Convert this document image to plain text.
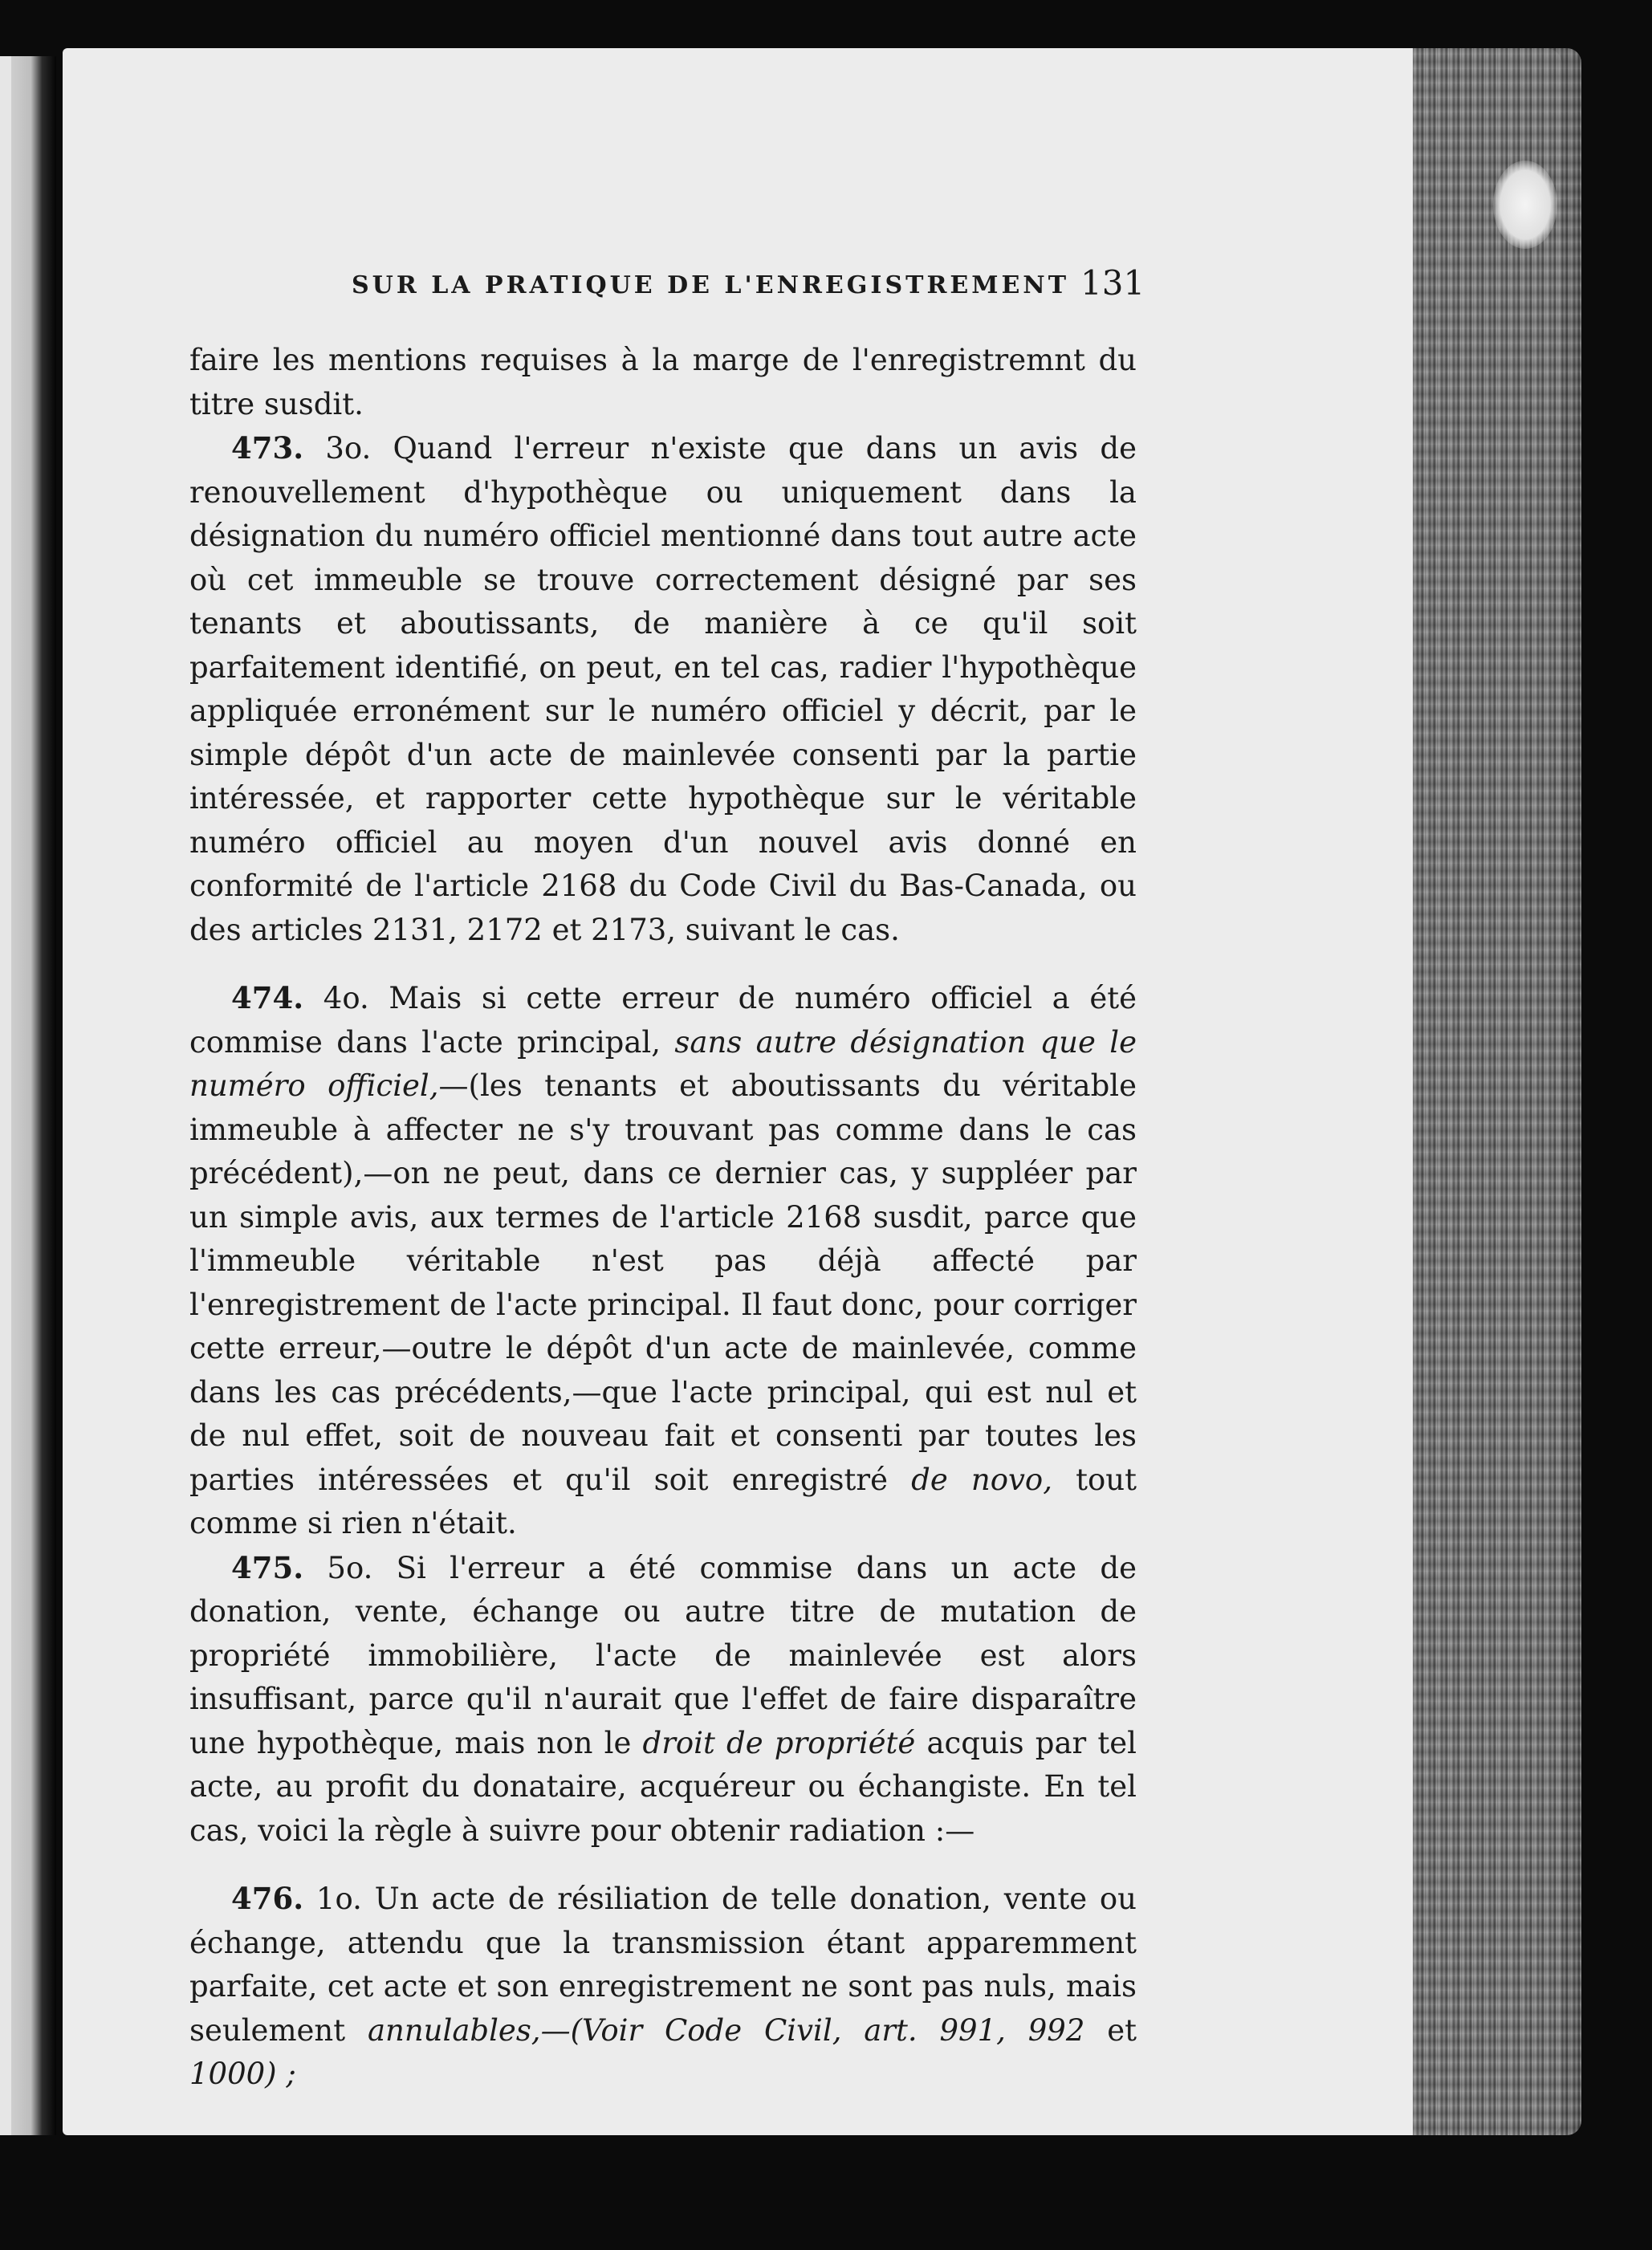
SUR LA PRATIQUE DE L'ENREGISTREMENT 131

faire les mentions requises à la marge de l'enregistremnt du titre susdit.

473. 3o. Quand l'erreur n'existe que dans un avis de renouvellement d'hypothèque ou uniquement dans la désignation du numéro officiel mentionné dans tout autre acte où cet immeuble se trouve correctement désigné par ses tenants et aboutissants, de manière à ce qu'il soit parfaitement identifié, on peut, en tel cas, radier l'hypothèque appliquée erronément sur le numéro officiel y décrit, par le simple dépôt d'un acte de mainlevée consenti par la partie intéressée, et rapporter cette hypothèque sur le véritable numéro officiel au moyen d'un nouvel avis donné en conformité de l'article 2168 du Code Civil du Bas-Canada, ou des articles 2131, 2172 et 2173, suivant le cas.

474. 4o. Mais si cette erreur de numéro officiel a été commise dans l'acte principal, sans autre désignation que le numéro officiel,—(les tenants et aboutissants du véritable immeuble à affecter ne s'y trouvant pas comme dans le cas précédent),—on ne peut, dans ce dernier cas, y suppléer par un simple avis, aux termes de l'article 2168 susdit, parce que l'immeuble véritable n'est pas déjà affecté par l'enregistrement de l'acte principal. Il faut donc, pour corriger cette erreur,—outre le dépôt d'un acte de mainlevée, comme dans les cas précédents,—que l'acte principal, qui est nul et de nul effet, soit de nouveau fait et consenti par toutes les parties intéressées et qu'il soit enregistré de novo, tout comme si rien n'était.

475. 5o. Si l'erreur a été commise dans un acte de donation, vente, échange ou autre titre de mutation de propriété immobilière, l'acte de mainlevée est alors insuffisant, parce qu'il n'aurait que l'effet de faire disparaître une hypothèque, mais non le droit de propriété acquis par tel acte, au profit du donataire, acquéreur ou échangiste. En tel cas, voici la règle à suivre pour obtenir radiation :—

476. 1o. Un acte de résiliation de telle donation, vente ou échange, attendu que la transmission étant apparemment parfaite, cet acte et son enregistrement ne sont pas nuls, mais seulement annulables,—(Voir Code Civil, art. 991, 992 et 1000) ;
